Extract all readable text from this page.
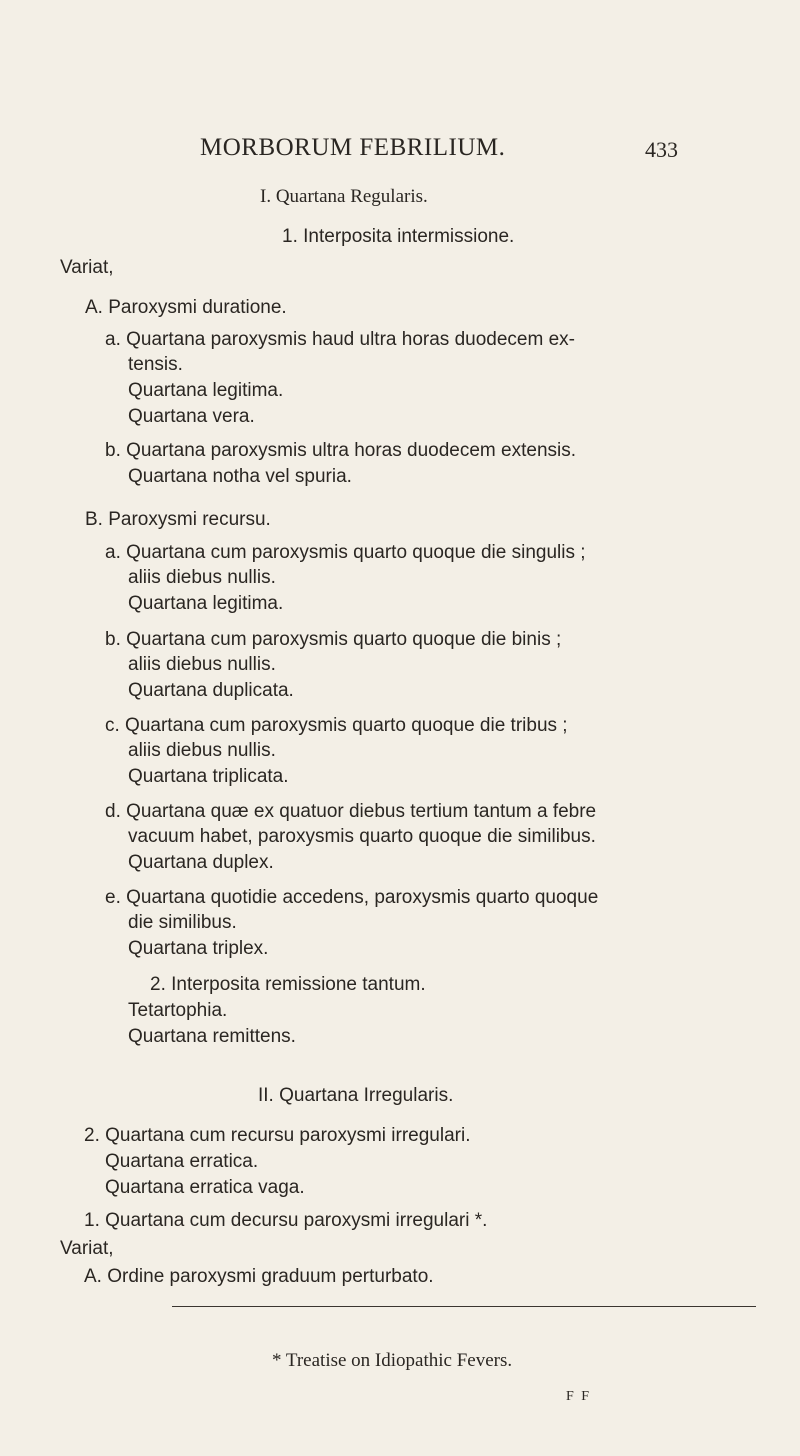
MORBORUM FEBRILIUM.	433
I. Quartana Regularis.
1. Interposita intermissione.
Variat,
A. Paroxysmi duratione.
a. Quartana paroxysmis haud ultra horas duodecem ex-
tensis.
Quartana legitima.
Quartana vera.
b. Quartana paroxysmis ultra horas duodecem extensis.
Quartana notha vel spuria.
B. Paroxysmi recursu.
a. Quartana cum paroxysmis quarto quoque die singulis ;
aliis diebus nullis.
Quartana legitima.
b. Quartana cum paroxysmis quarto quoque die binis ;
aliis diebus nullis.
Quartana duplicata.
c. Quartana cum paroxysmis quarto quoque die tribus ;
aliis diebus nullis.
Quartana triplicata.
d. Quartana quæ ex quatuor diebus tertium tantum a febre
vacuum habet, paroxysmis quarto quoque die similibus.
Quartana duplex.
e. Quartana quotidie accedens, paroxysmis quarto quoque
die similibus.
Quartana triplex.
2. Interposita remissione tantum.
Tetartophia.
Quartana remittens.
II. Quartana Irregularis.
2. Quartana cum recursu paroxysmi irregulari.
Quartana erratica.
Quartana erratica vaga.
1. Quartana cum decursu paroxysmi irregulari *.
Variat,
A. Ordine paroxysmi graduum perturbato.
* Treatise on Idiopathic Fevers.
F F
